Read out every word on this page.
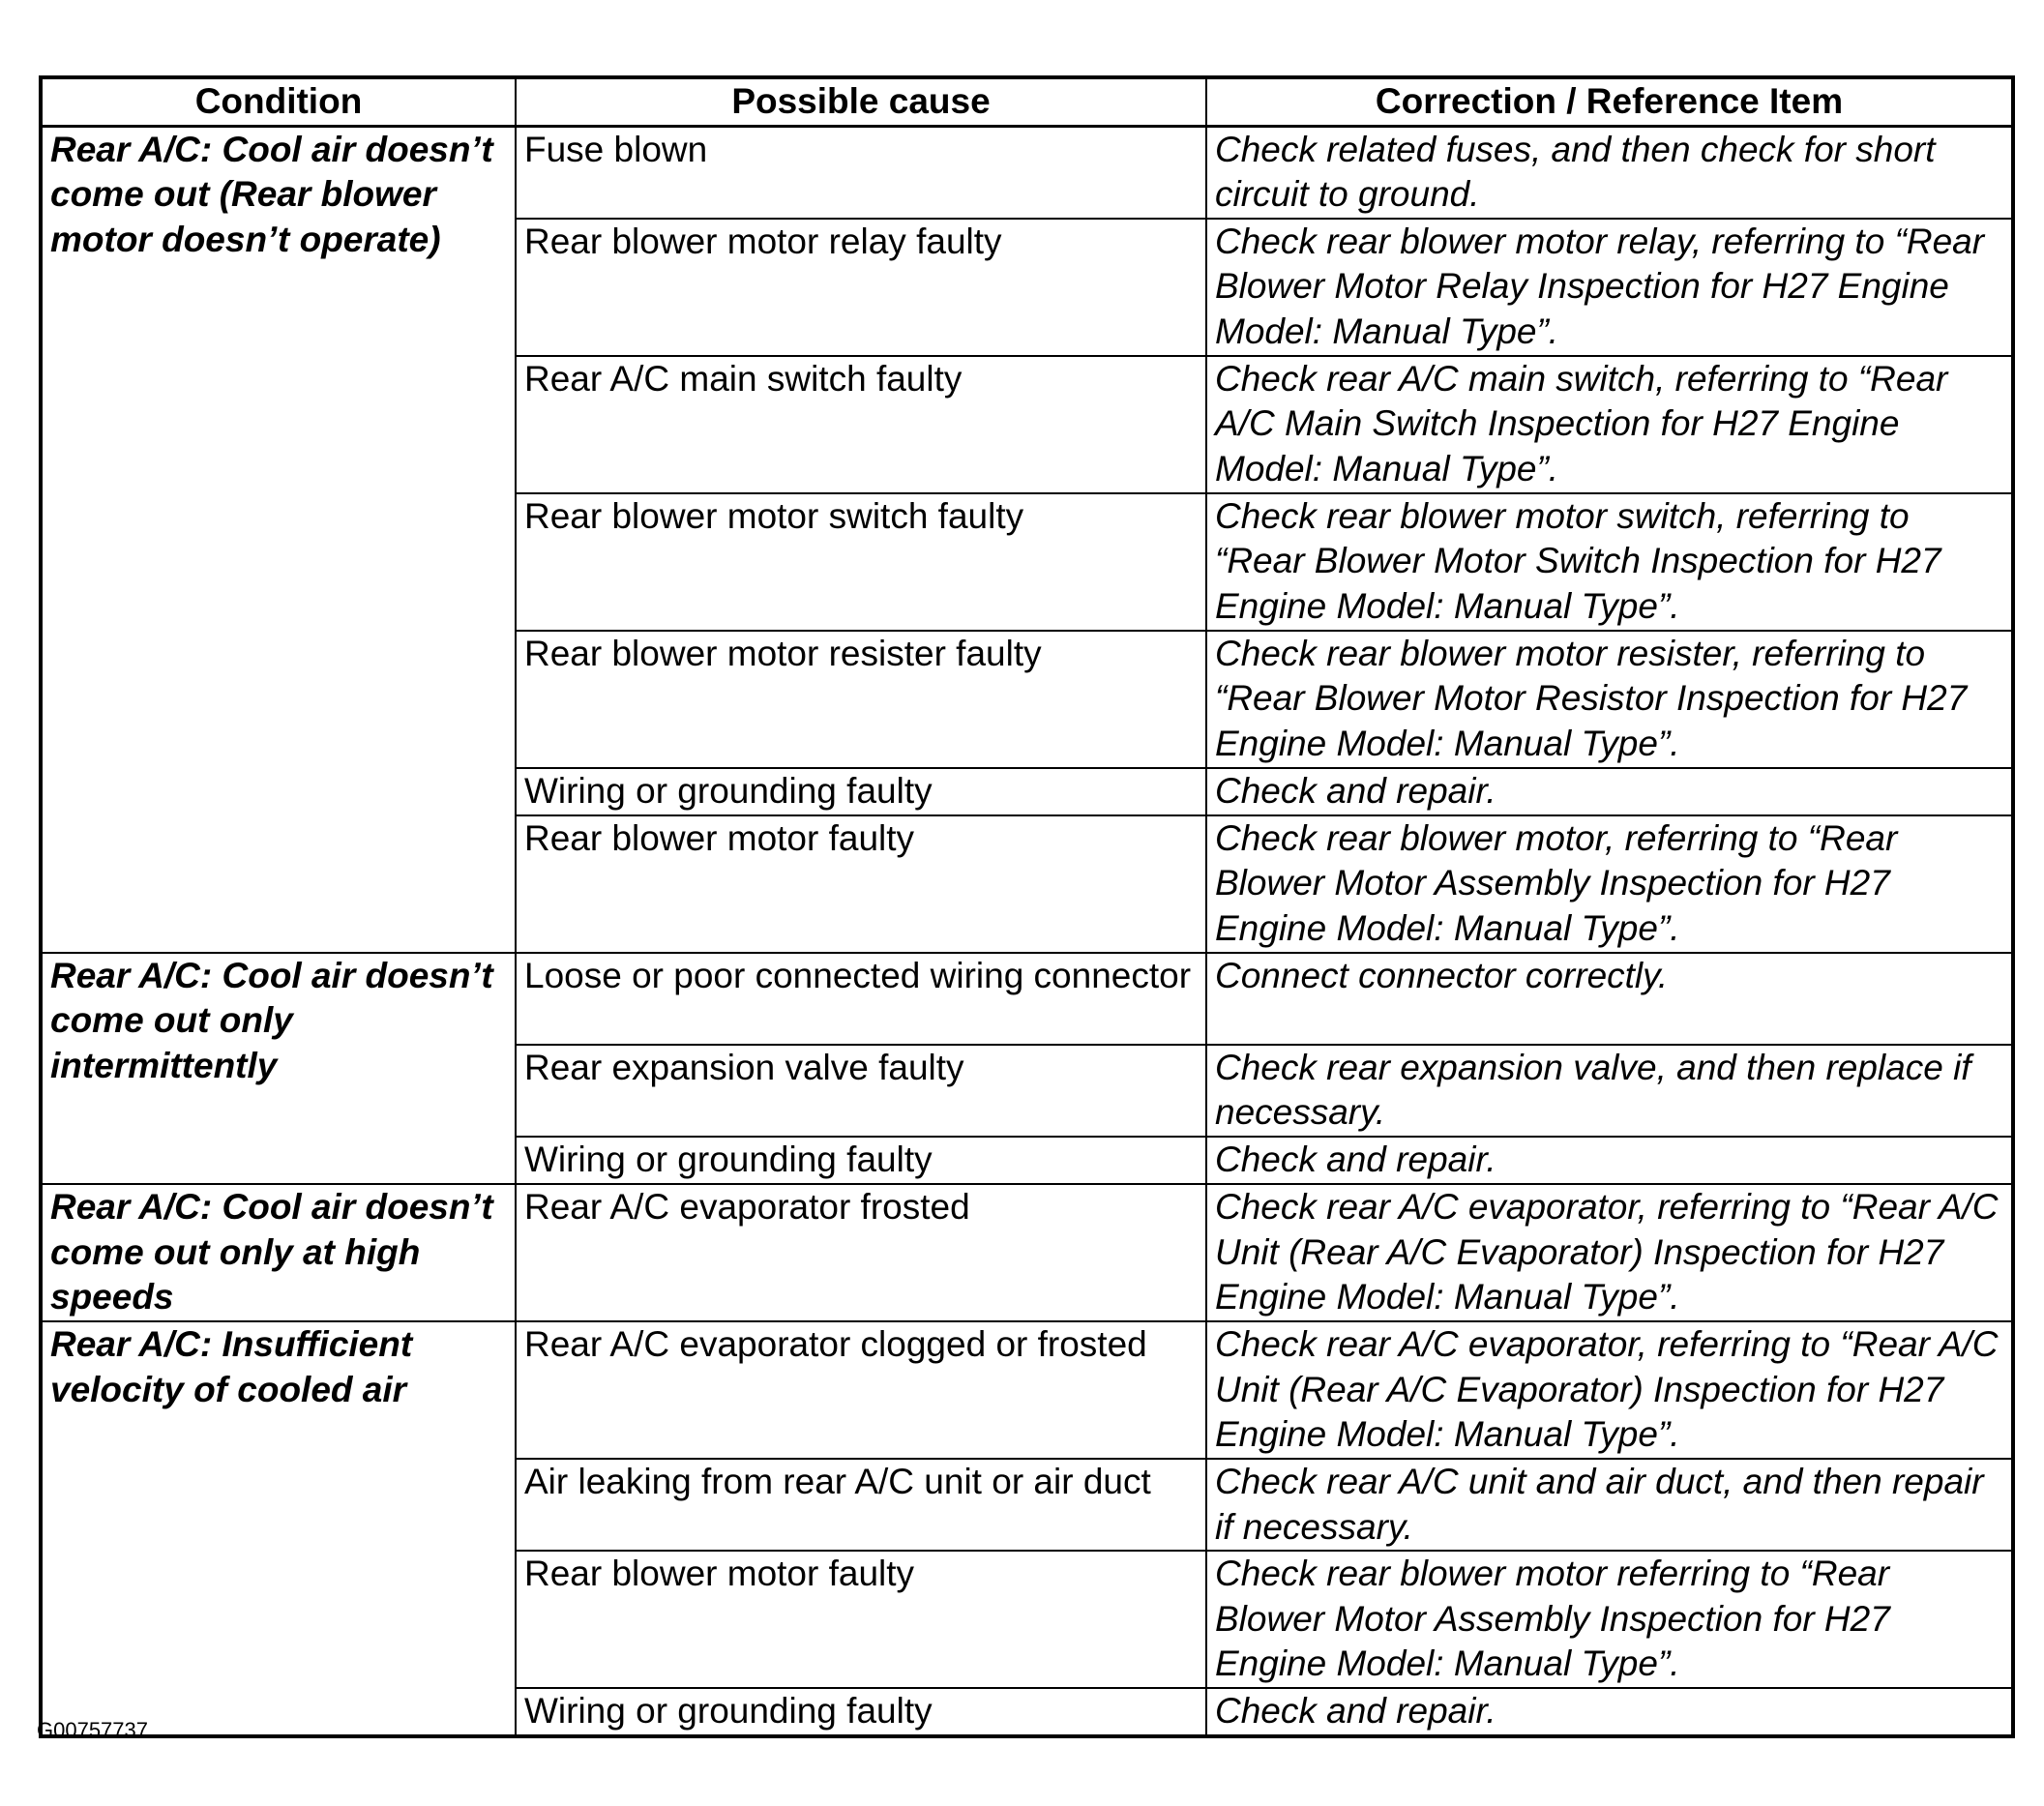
Condition	Possible cause	Correction / Reference Item
Rear A/C: Cool air doesn’t come out (Rear blower motor doesn’t operate)	Fuse blown	Check related fuses, and then check for short circuit to ground.
	Rear blower motor relay faulty	Check rear blower motor relay, referring to “Rear Blower Motor Relay Inspection for H27 Engine Model: Manual Type”.
	Rear A/C main switch faulty	Check rear A/C main switch, referring to “Rear A/C Main Switch Inspection for H27 Engine Model: Manual Type”.
	Rear blower motor switch faulty	Check rear blower motor switch, referring to “Rear Blower Motor Switch Inspection for H27 Engine Model: Manual Type”.
	Rear blower motor resister faulty	Check rear blower motor resister, referring to “Rear Blower Motor Resistor Inspection for H27 Engine Model: Manual Type”.
	Wiring or grounding faulty	Check and repair.
	Rear blower motor faulty	Check rear blower motor, referring to “Rear Blower Motor Assembly Inspection for H27 Engine Model: Manual Type”.
Rear A/C: Cool air doesn’t come out only intermittently	Loose or poor connected wiring connector	Connect connector correctly.
	Rear expansion valve faulty	Check rear expansion valve, and then replace if necessary.
	Wiring or grounding faulty	Check and repair.
Rear A/C: Cool air doesn’t come out only at high speeds	Rear A/C evaporator frosted	Check rear A/C evaporator, referring to “Rear A/C Unit (Rear A/C Evaporator) Inspection for H27 Engine Model: Manual Type”.
Rear A/C: Insufficient velocity of cooled air	Rear A/C evaporator clogged or frosted	Check rear A/C evaporator, referring to “Rear A/C Unit (Rear A/C Evaporator) Inspection for H27 Engine Model: Manual Type”.
	Air leaking from rear A/C unit or air duct	Check rear A/C unit and air duct, and then repair if necessary.
	Rear blower motor faulty	Check rear blower motor referring to “Rear Blower Motor Assembly Inspection for H27 Engine Model: Manual Type”.
	Wiring or grounding faulty	Check and repair.
G00757737
